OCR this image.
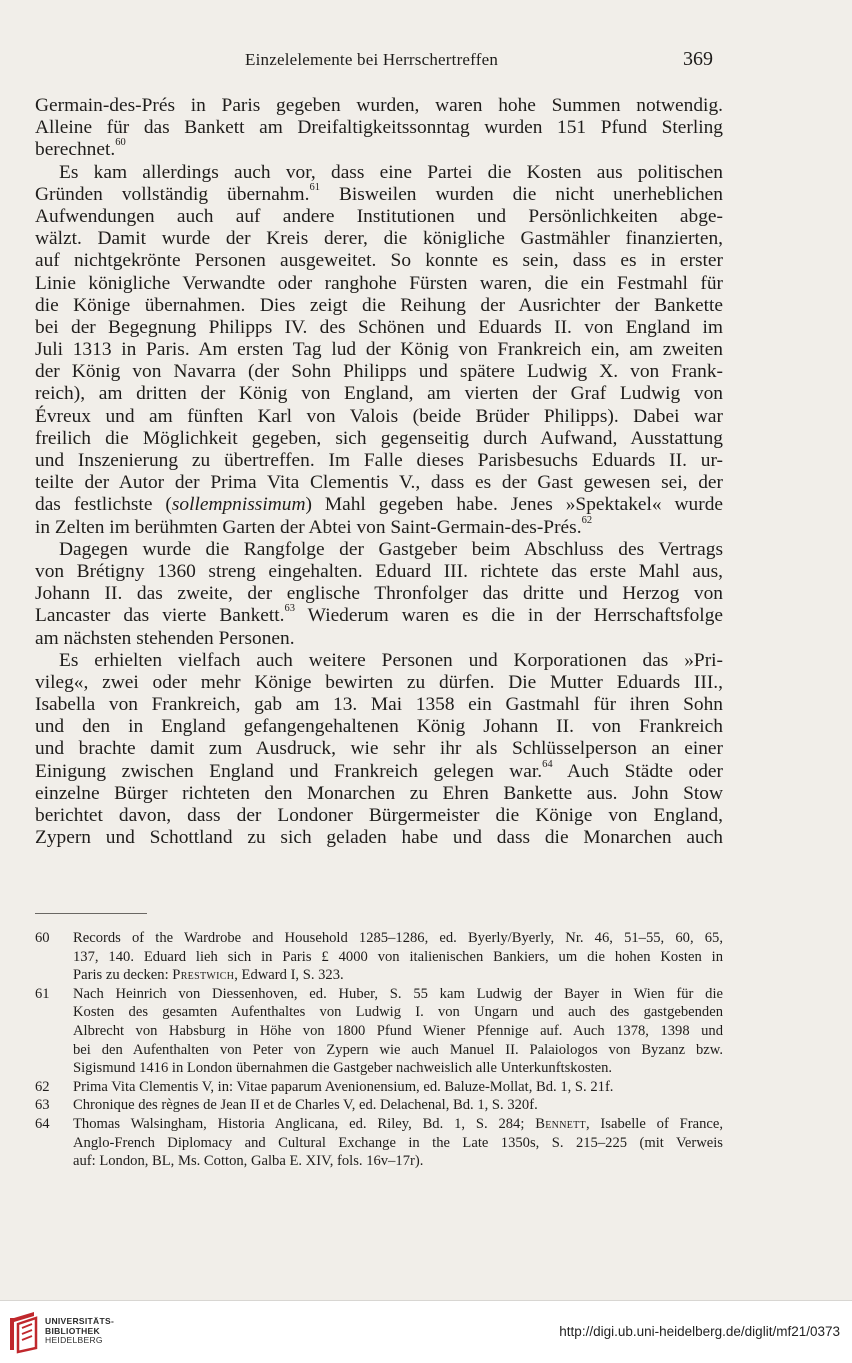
Einzelelemente bei Herrschertreffen	369
Germain-des-Prés in Paris gegeben wurden, waren hohe Summen notwendig.
Alleine für das Bankett am Dreifaltigkeitssonntag wurden 151 Pfund Sterling
berechnet.$^{60}$
Es kam allerdings auch vor, dass eine Partei die Kosten aus politischen
Gründen vollständig übernahm.$^{61}$ Bisweilen wurden die nicht unerheblichen
Aufwendungen auch auf andere Institutionen und Persönlichkeiten abge-
wälzt. Damit wurde der Kreis derer, die königliche Gastmähler finanzierten,
auf nichtgekrönte Personen ausgeweitet. So konnte es sein, dass es in erster
Linie königliche Verwandte oder ranghohe Fürsten waren, die ein Festmahl für
die Könige übernahmen. Dies zeigt die Reihung der Ausrichter der Bankette
bei der Begegnung Philipps IV. des Schönen und Eduards II. von England im
Juli 1313 in Paris. Am ersten Tag lud der König von Frankreich ein, am zweiten
der König von Navarra (der Sohn Philipps und spätere Ludwig X. von Frank-
reich), am dritten der König von England, am vierten der Graf Ludwig von
Évreux und am fünften Karl von Valois (beide Brüder Philipps). Dabei war
freilich die Möglichkeit gegeben, sich gegenseitig durch Aufwand, Ausstattung
und Inszenierung zu übertreffen. Im Falle dieses Parisbesuchs Eduards II. ur-
teilte der Autor der Prima Vita Clementis V., dass es der Gast gewesen sei, der
das festlichste (sollempnissimum) Mahl gegeben habe. Jenes »Spektakel« wurde
in Zelten im berühmten Garten der Abtei von Saint-Germain-des-Prés.$^{62}$
Dagegen wurde die Rangfolge der Gastgeber beim Abschluss des Vertrags
von Brétigny 1360 streng eingehalten. Eduard III. richtete das erste Mahl aus,
Johann II. das zweite, der englische Thronfolger das dritte und Herzog von
Lancaster das vierte Bankett.$^{63}$ Wiederum waren es die in der Herrschaftsfolge
am nächsten stehenden Personen.
Es erhielten vielfach auch weitere Personen und Korporationen das »Pri-
vileg«, zwei oder mehr Könige bewirten zu dürfen. Die Mutter Eduards III.,
Isabella von Frankreich, gab am 13. Mai 1358 ein Gastmahl für ihren Sohn
und den in England gefangengehaltenen König Johann II. von Frankreich
und brachte damit zum Ausdruck, wie sehr ihr als Schlüsselperson an einer
Einigung zwischen England und Frankreich gelegen war.$^{64}$ Auch Städte oder
einzelne Bürger richteten den Monarchen zu Ehren Bankette aus. John Stow
berichtet davon, dass der Londoner Bürgermeister die Könige von England,
Zypern und Schottland zu sich geladen habe und dass die Monarchen auch
60 Records of the Wardrobe and Household 1285–1286, ed. Byerly/Byerly, Nr. 46, 51–55, 60, 65,
137, 140. Eduard lieh sich in Paris £ 4000 von italienischen Bankiers, um die hohen Kosten in
Paris zu decken: Prestwich, Edward I, S. 323.
61 Nach Heinrich von Diessenhoven, ed. Huber, S. 55 kam Ludwig der Bayer in Wien für die
Kosten des gesamten Aufenthaltes von Ludwig I. von Ungarn und auch des gastgebenden
Albrecht von Habsburg in Höhe von 1800 Pfund Wiener Pfennige auf. Auch 1378, 1398 und
bei den Aufenthalten von Peter von Zypern wie auch Manuel II. Palaiologos von Byzanz bzw.
Sigismund 1416 in London übernahmen die Gastgeber nachweislich alle Unterkunftskosten.
62 Prima Vita Clementis V, in: Vitae paparum Avenionensium, ed. Baluze-Mollat, Bd. 1, S. 21f.
63 Chronique des règnes de Jean II et de Charles V, ed. Delachenal, Bd. 1, S. 320f.
64 Thomas Walsingham, Historia Anglicana, ed. Riley, Bd. 1, S. 284; Bennett, Isabelle of France,
Anglo-French Diplomacy and Cultural Exchange in the Late 1350s, S. 215–225 (mit Verweis
auf: London, BL, Ms. Cotton, Galba E. XIV, fols. 16v–17r).
UNIVERSITÄTS-
BIBLIOTHEK
HEIDELBERG
http://digi.ub.uni-heidelberg.de/diglit/mf21/0373
